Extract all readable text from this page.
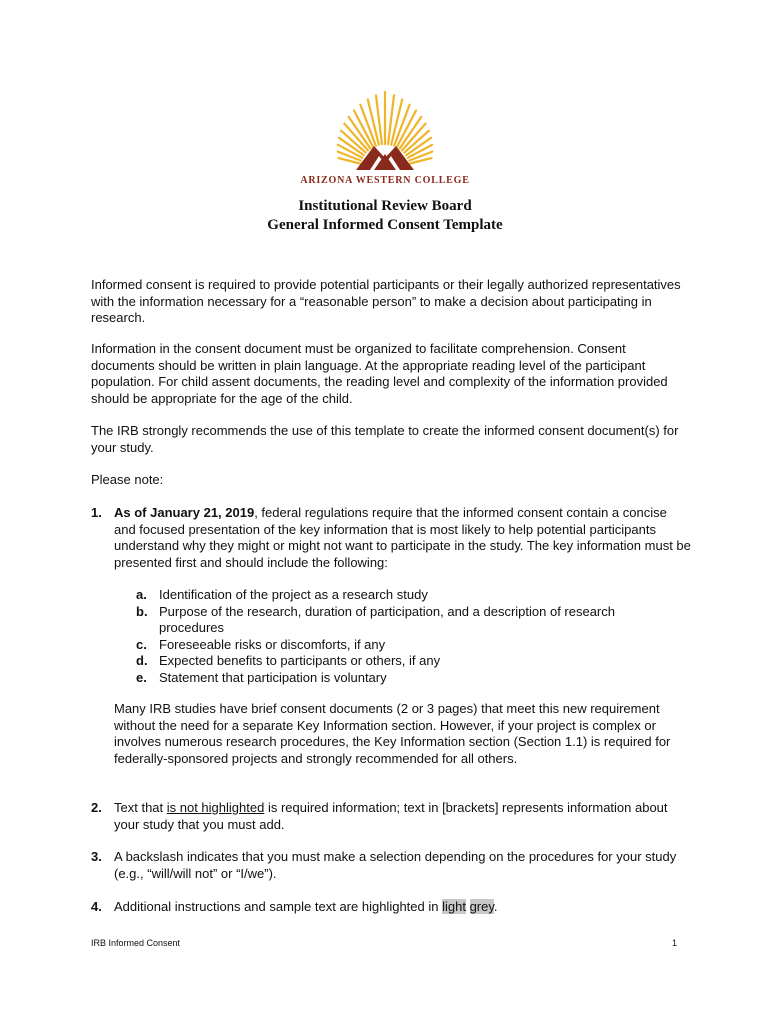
ARIZONA WESTERN COLLEGE
Institutional Review Board
General Informed Consent Template
Informed consent is required to provide potential participants or their legally authorized representatives with the information necessary for a “reasonable person” to make a decision about participating in research.
Information in the consent document must be organized to facilitate comprehension. Consent documents should be written in plain language. At the appropriate reading level of the participant population. For child assent documents, the reading level and complexity of the information provided should be appropriate for the age of the child.
The IRB strongly recommends the use of this template to create the informed consent document(s) for your study.
Please note:
1. As of January 21, 2019, federal regulations require that the informed consent contain a concise and focused presentation of the key information that is most likely to help potential participants understand why they might or might not want to participate in the study. The key information must be presented first and should include the following:
a. Identification of the project as a research study
b. Purpose of the research, duration of participation, and a description of research procedures
c. Foreseeable risks or discomforts, if any
d. Expected benefits to participants or others, if any
e. Statement that participation is voluntary
Many IRB studies have brief consent documents (2 or 3 pages) that meet this new requirement without the need for a separate Key Information section. However, if your project is complex or involves numerous research procedures, the Key Information section (Section 1.1) is required for federally-sponsored projects and strongly recommended for all others.
2. Text that is not highlighted is required information; text in [brackets] represents information about your study that you must add.
3. A backslash indicates that you must make a selection depending on the procedures for your study (e.g., “will/will not” or “I/we”).
4. Additional instructions and sample text are highlighted in light grey.
IRB Informed Consent	1
